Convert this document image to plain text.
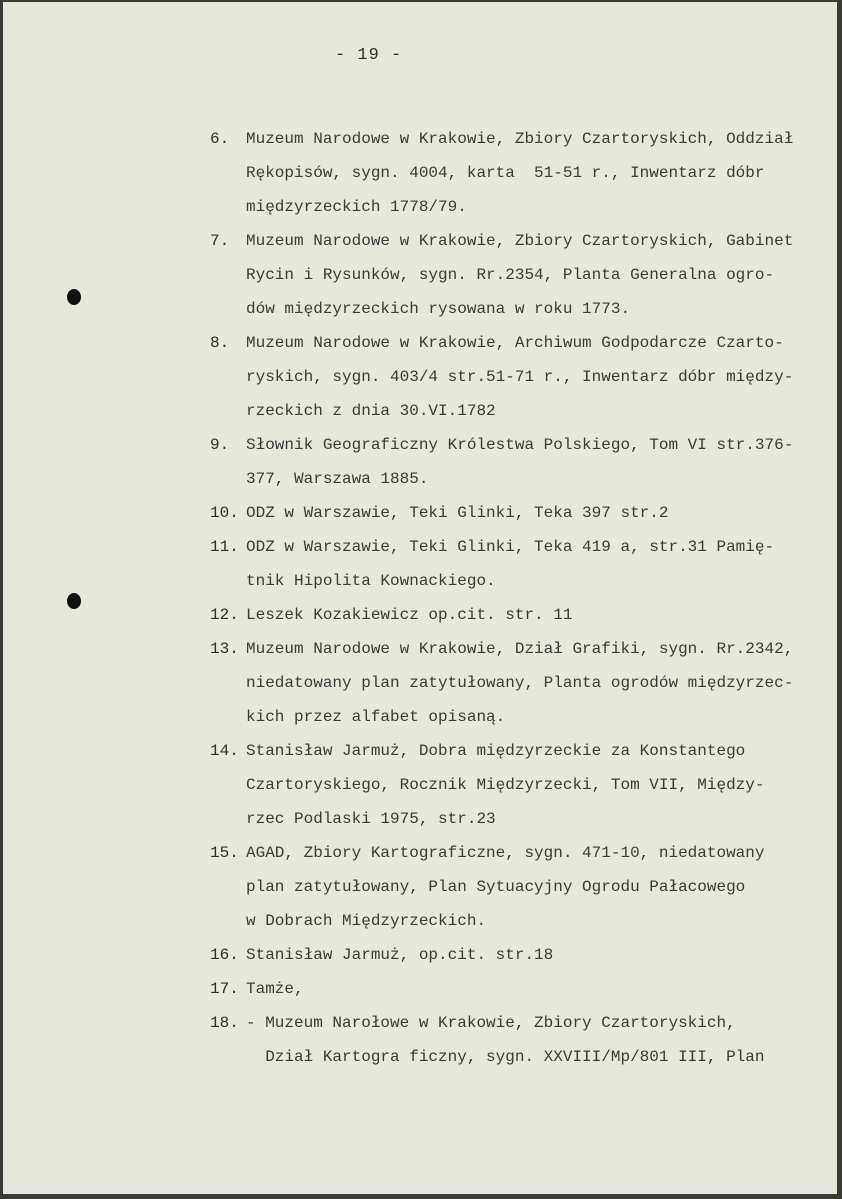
- 19 -
6.	Muzeum Narodowe w Krakowie, Zbiory Czartoryskich, Oddział
Rękopisów, sygn. 4004, karta  51-51 r., Inwentarz dóbr
międzyrzeckich 1778/79.
7.	Muzeum Narodowe w Krakowie, Zbiory Czartoryskich, Gabinet
Rycin i Rysunków, sygn. Rr.2354, Planta Generalna ogro-
dów międzyrzeckich rysowana w roku 1773.
8.	Muzeum Narodowe w Krakowie, Archiwum Godpodarcze Czarto-
ryskich, sygn. 403/4 str.51-71 r., Inwentarz dóbr między-
rzeckich z dnia 30.VI.1782
9.	Słownik Geograficzny Królestwa Polskiego, Tom VI str.376-
377, Warszawa 1885.
10. ODZ w Warszawie, Teki Glinki, Teka 397 str.2
11. ODZ w Warszawie, Teki Glinki, Teka 419 a, str.31 Pamię-
tnik Hipolita Kownackiego.
12. Leszek Kozakiewicz op.cit. str. 11
13. Muzeum Narodowe w Krakowie, Dział Grafiki, sygn. Rr.2342,
niedatowany plan zatytułowany, Planta ogrodów międzyrzec-
kich przez alfabet opisaną.
14. Stanisław Jarmuż, Dobra międzyrzeckie za Konstantego
Czartoryskiego, Rocznik Międzyrzecki, Tom VII, Między-
rzec Podlaski 1975, str.23
15. AGAD, Zbiory Kartograficzne, sygn. 471-10, niedatowany
plan zatytułowany, Plan Sytuacyjny Ogrodu Pałacowego
w Dobrach Międzyrzeckich.
16. Stanisław Jarmuż, op.cit. str.18
17. Tamże,
18. - Muzeum Narołowe w Krakowie, Zbiory Czartoryskich,
Dział Kartogra ficzny, sygn. XXVIII/Mp/801 III, Plan
